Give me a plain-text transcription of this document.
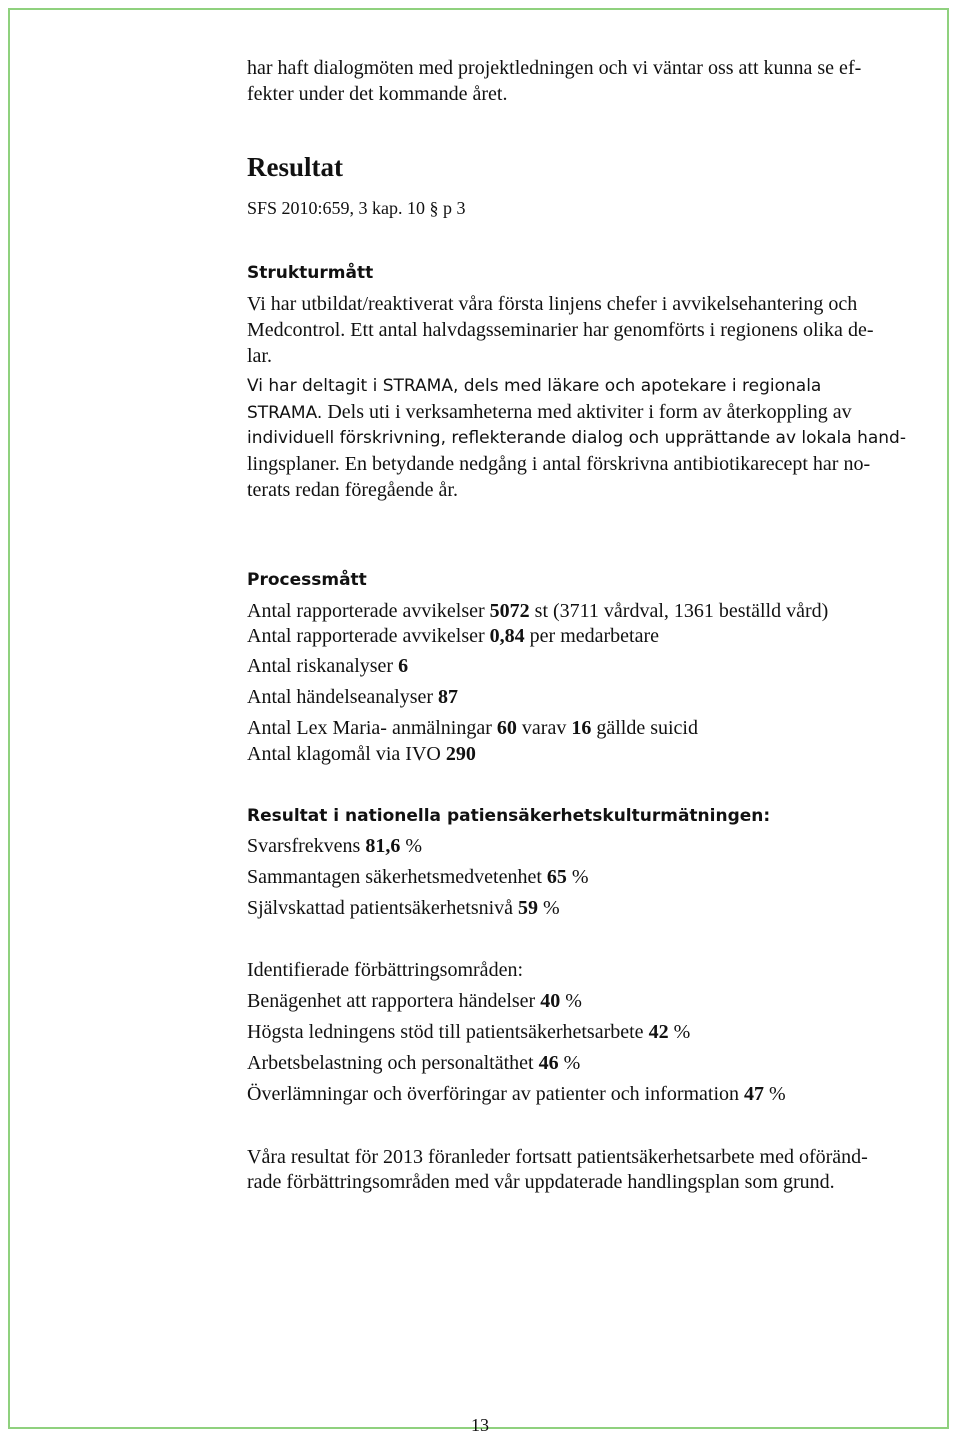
har haft dialogmöten med projektledningen och vi väntar oss att kunna se ef-
fekter under det kommande året.
Resultat
SFS 2010:659, 3 kap. 10 § p 3
Strukturmått
Vi har utbildat/reaktiverat våra första linjens chefer i avvikelsehantering och
Medcontrol. Ett antal halvdagsseminarier har genomförts i regionens olika de-
lar.
Vi har deltagit i STRAMA, dels med läkare och apotekare i regionala
STRAMA. Dels uti i verksamheterna med aktiviter i form av återkoppling av
individuell förskrivning, reflekterande dialog och upprättande av lokala hand-
lingsplaner. En betydande nedgång i antal förskrivna antibiotikarecept har no-
terats redan föregående år.
Processmått
Antal rapporterade avvikelser 5072 st (3711 vårdval, 1361 beställd vård)
Antal rapporterade avvikelser 0,84 per medarbetare
Antal riskanalyser 6
Antal händelseanalyser 87
Antal Lex Maria- anmälningar 60 varav 16 gällde suicid
Antal klagomål via IVO 290
Resultat i nationella patiensäkerhetskulturmätningen:
Svarsfrekvens 81,6 %
Sammantagen säkerhetsmedvetenhet 65 %
Självskattad patientsäkerhetsnivå 59 %
Identifierade förbättringsområden:
Benägenhet att rapportera händelser 40 %
Högsta ledningens stöd till patientsäkerhetsarbete 42 %
Arbetsbelastning och personaltäthet 46 %
Överlämningar och överföringar av patienter och information 47 %
Våra resultat för 2013 föranleder fortsatt patientsäkerhetsarbete med oföränd-
rade förbättringsområden med vår uppdaterade handlingsplan som grund.
13
